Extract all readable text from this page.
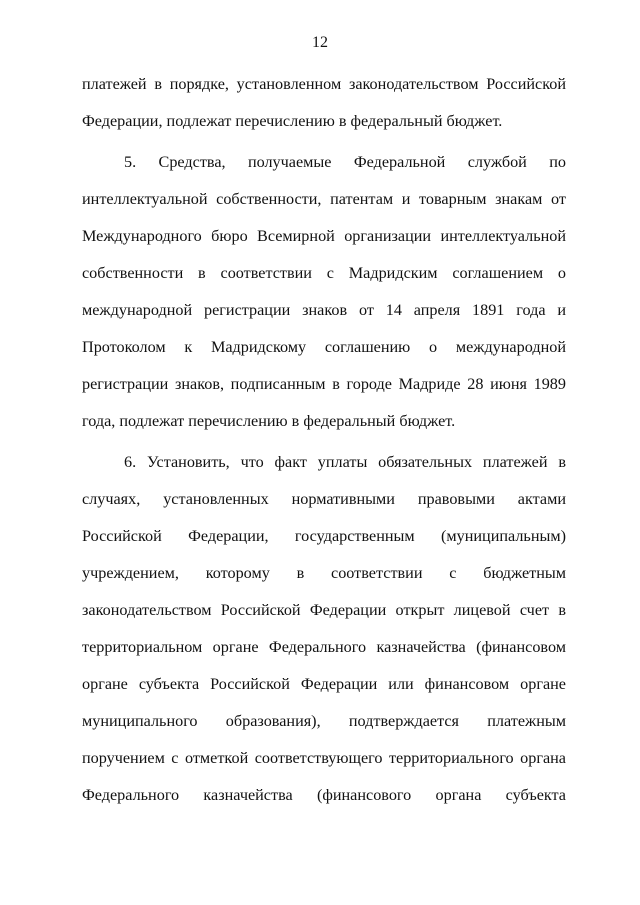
12
платежей в порядке, установленном законодательством Российской
Федерации, подлежат перечислению в федеральный бюджет.
5. Средства, получаемые Федеральной службой по
интеллектуальной собственности, патентам и товарным знакам от
Международного бюро Всемирной организации интеллектуальной
собственности в соответствии с Мадридским соглашением о
международной регистрации знаков от 14 апреля 1891 года и
Протоколом к Мадридскому соглашению о международной
регистрации знаков, подписанным в городе Мадриде 28 июня 1989
года, подлежат перечислению в федеральный бюджет.
6. Установить, что факт уплаты обязательных платежей в
случаях, установленных нормативными правовыми актами
Российской Федерации, государственным (муниципальным)
учреждением, которому в соответствии с бюджетным
законодательством Российской Федерации открыт лицевой счет в
территориальном органе Федерального казначейства (финансовом
органе субъекта Российской Федерации или финансовом органе
муниципального образования), подтверждается платежным
поручением с отметкой соответствующего территориального органа
Федерального казначейства (финансового органа субъекта
